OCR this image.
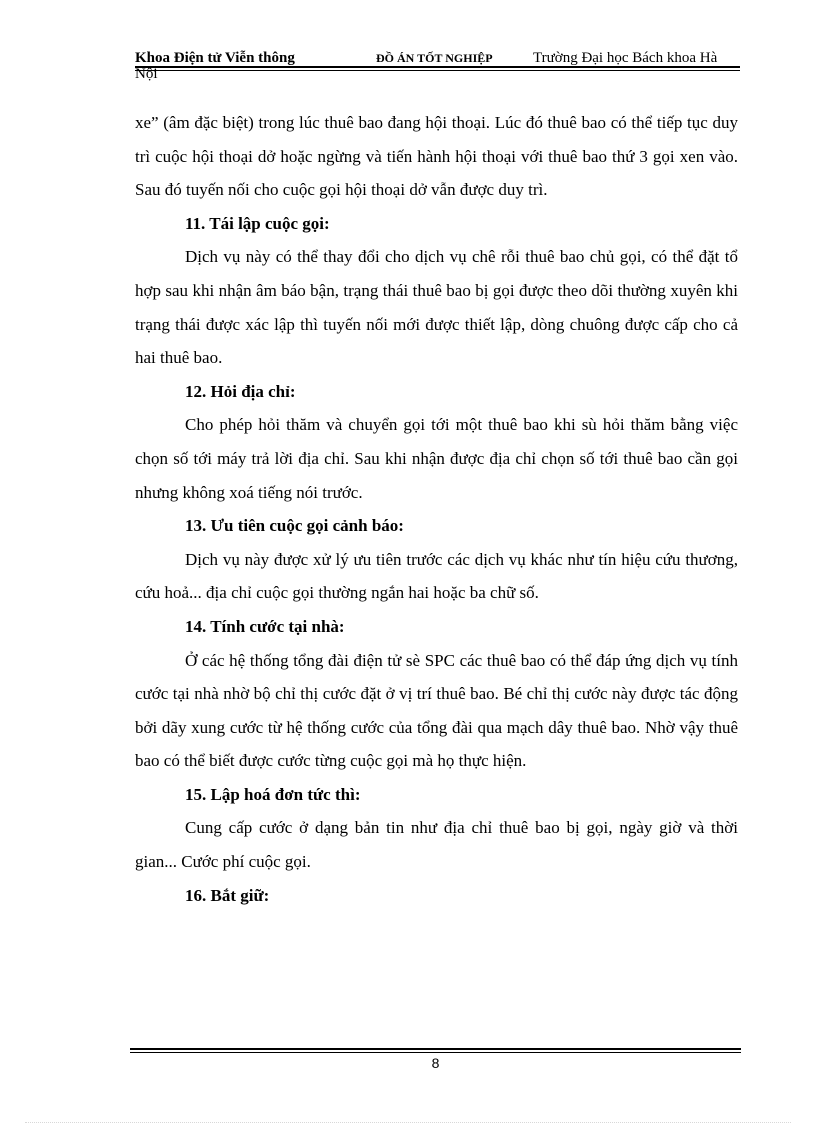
Khoa Điện tử Viễn thông	ĐỒ ÁN TỐT NGHIỆP	Trường Đại học Bách khoa Hà
Nội

xe” (âm đặc biệt) trong lúc thuê bao đang hội thoại. Lúc đó thuê bao có thể tiếp tục duy trì cuộc hội thoại dở hoặc ngừng và tiến hành hội thoại với thuê bao thứ 3 gọi xen vào. Sau đó tuyến nối cho cuộc gọi hội thoại dở vẫn được duy trì.

11. Tái lập cuộc gọi:

Dịch vụ này có thể thay đổi cho dịch vụ chê rỗi thuê bao chủ gọi, có thể đặt tổ hợp sau khi nhận âm báo bận, trạng thái thuê bao bị gọi được theo dõi thường xuyên khi trạng thái được xác lập thì tuyến nối mới được thiết lập, dòng chuông được cấp cho cả hai thuê bao.

12. Hỏi địa chỉ:

Cho phép hỏi thăm và chuyển gọi tới một thuê bao khi sù hỏi thăm bằng việc chọn số tới máy trả lời địa chỉ. Sau khi nhận được địa chỉ chọn số tới thuê bao cần gọi nhưng không xoá tiếng nói trước.

13. Ưu tiên cuộc gọi cảnh báo:

Dịch vụ này được xử lý ưu tiên trước các dịch vụ khác như tín hiệu cứu thương, cứu hoả... địa chỉ cuộc gọi thường ngắn hai hoặc ba chữ số.

14. Tính cước tại nhà:

Ở các hệ thống tổng đài điện tử sè SPC các thuê bao có thể đáp ứng dịch vụ tính cước tại nhà nhờ bộ chỉ thị cước đặt ở vị trí thuê bao. Bé chỉ thị cước này được tác động bởi dãy xung cước từ hệ thống cước của tổng đài qua mạch dây thuê bao. Nhờ vậy thuê bao có thể biết được cước từng cuộc gọi mà họ thực hiện.

15. Lập hoá đơn tức thì:

Cung cấp cước ở dạng bản tin như địa chỉ thuê bao bị gọi, ngày giờ và thời gian... Cước phí cuộc gọi.

16. Bắt giữ:

8
